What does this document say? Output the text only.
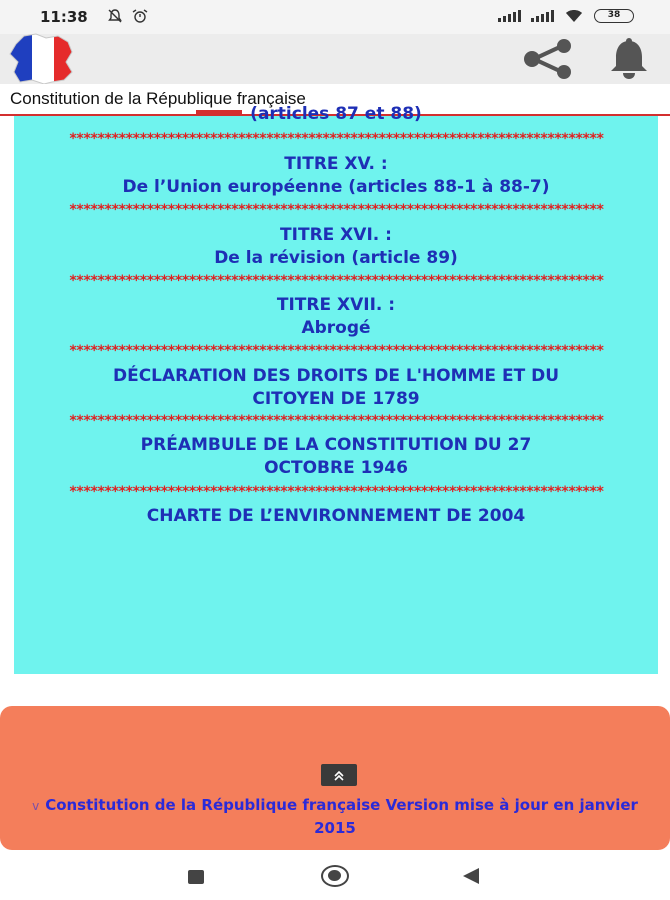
11:38
	38
Constitution de la République française
(articles 87 et 88)
****************************************************************************
TITRE XV. :
De l’Union européenne (articles 88-1 à 88-7)
****************************************************************************
TITRE XVI. :
De la révision (article 89)
****************************************************************************
TITRE XVII. :
Abrogé
****************************************************************************
DÉCLARATION DES DROITS DE L'HOMME ET DU
CITOYEN DE 1789
****************************************************************************
PRÉAMBULE DE LA CONSTITUTION DU 27
OCTOBRE 1946
****************************************************************************
CHARTE DE L’ENVIRONNEMENT DE 2004
v Constitution de la République française Version mise à jour en janvier 2015
